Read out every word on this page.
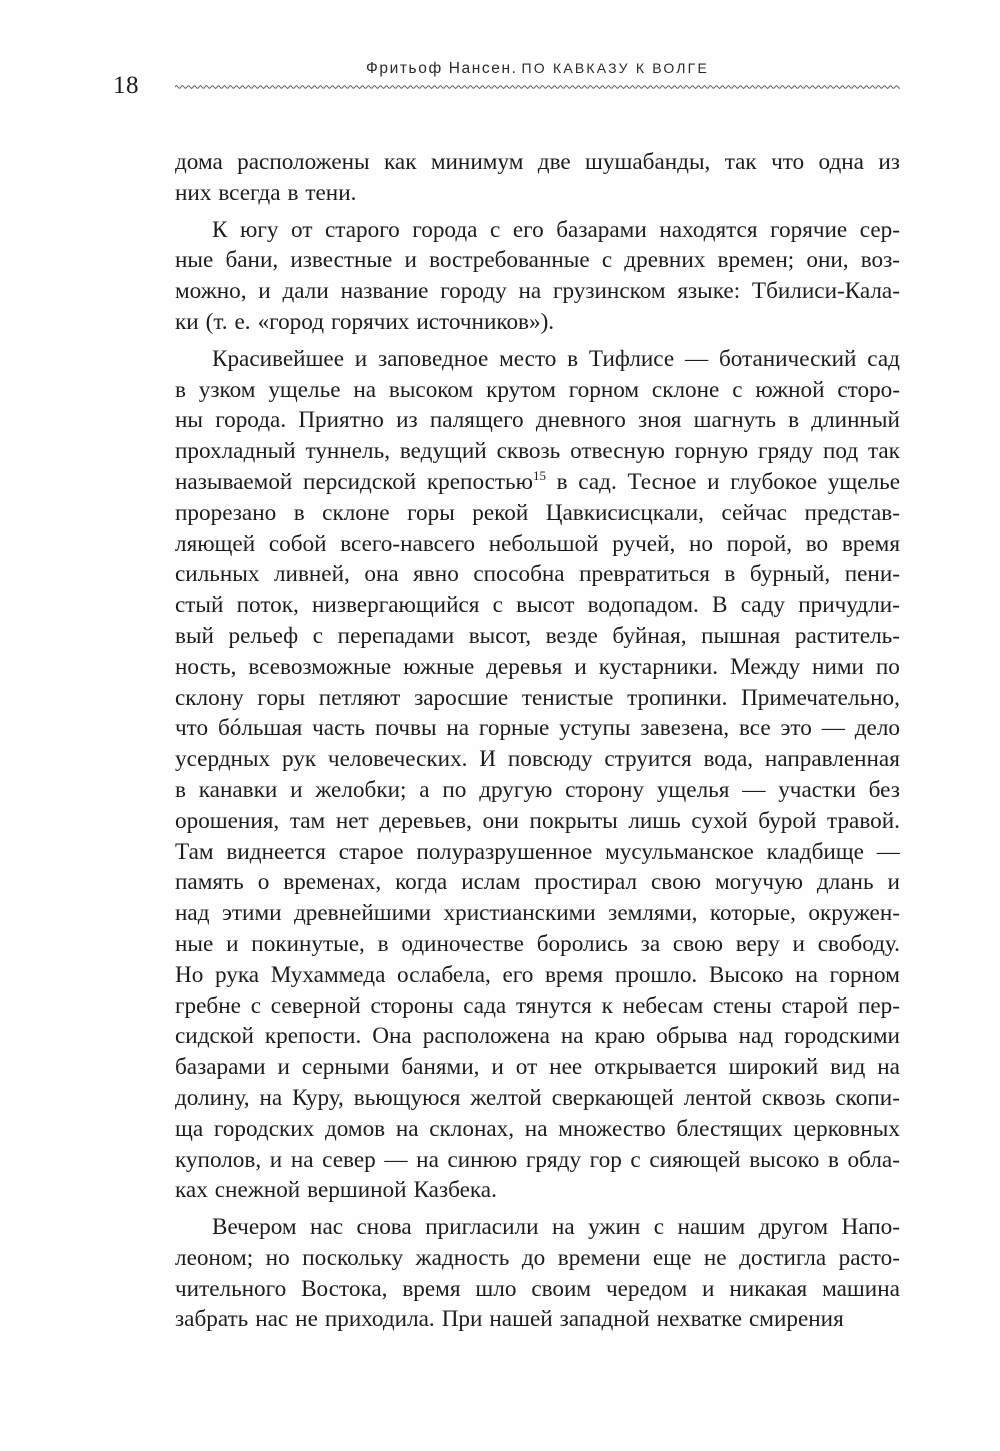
18
Фритьоф Нансен. ПО КАВКАЗУ К ВОЛГЕ
дома расположены как минимум две шушабанды, так что одна из
них всегда в тени.
К югу от старого города с его базарами находятся горячие сер-
ные бани, известные и востребованные с древних времен; они, воз-
можно, и дали название городу на грузинском языке: Тбилиси-Кала-
ки (т. е. «город горячих источников»).
Красивейшее и заповедное место в Тифлисе — ботанический сад
в узком ущелье на высоком крутом горном склоне с южной сторо-
ны города. Приятно из палящего дневного зноя шагнуть в длинный
прохладный туннель, ведущий сквозь отвесную горную гряду под так
называемой персидской крепостью$^{15}$ в сад. Тесное и глубокое ущелье
прорезано в склоне горы рекой Цавкисисцкали, сейчас представ-
ляющей собой всего-навсего небольшой ручей, но порой, во время
сильных ливней, она явно способна превратиться в бурный, пени-
стый поток, низвергающийся с высот водопадом. В саду причудли-
вый рельеф с перепадами высот, везде буйная, пышная раститель-
ность, всевозможные южные деревья и кустарники. Между ними по
склону горы петляют заросшие тенистые тропинки. Примечательно,
что бóльшая часть почвы на горные уступы завезена, все это — дело
усердных рук человеческих. И повсюду струится вода, направленная
в канавки и желобки; а по другую сторону ущелья — участки без
орошения, там нет деревьев, они покрыты лишь сухой бурой травой.
Там виднеется старое полуразрушенное мусульманское кладбище —
память о временах, когда ислам простирал свою могучую длань и
над этими древнейшими христианскими землями, которые, окружен-
ные и покинутые, в одиночестве боролись за свою веру и свободу.
Но рука Мухаммеда ослабела, его время прошло. Высоко на горном
гребне с северной стороны сада тянутся к небесам стены старой пер-
сидской крепости. Она расположена на краю обрыва над городскими
базарами и серными банями, и от нее открывается широкий вид на
долину, на Куру, вьющуюся желтой сверкающей лентой сквозь скопи-
ща городских домов на склонах, на множество блестящих церковных
куполов, и на север — на синюю гряду гор с сияющей высоко в обла-
ках снежной вершиной Казбека.
Вечером нас снова пригласили на ужин с нашим другом Напо-
леоном; но поскольку жадность до времени еще не достигла расто-
чительного Востока, время шло своим чередом и никакая машина
забрать нас не приходила. При нашей западной нехватке смирения
